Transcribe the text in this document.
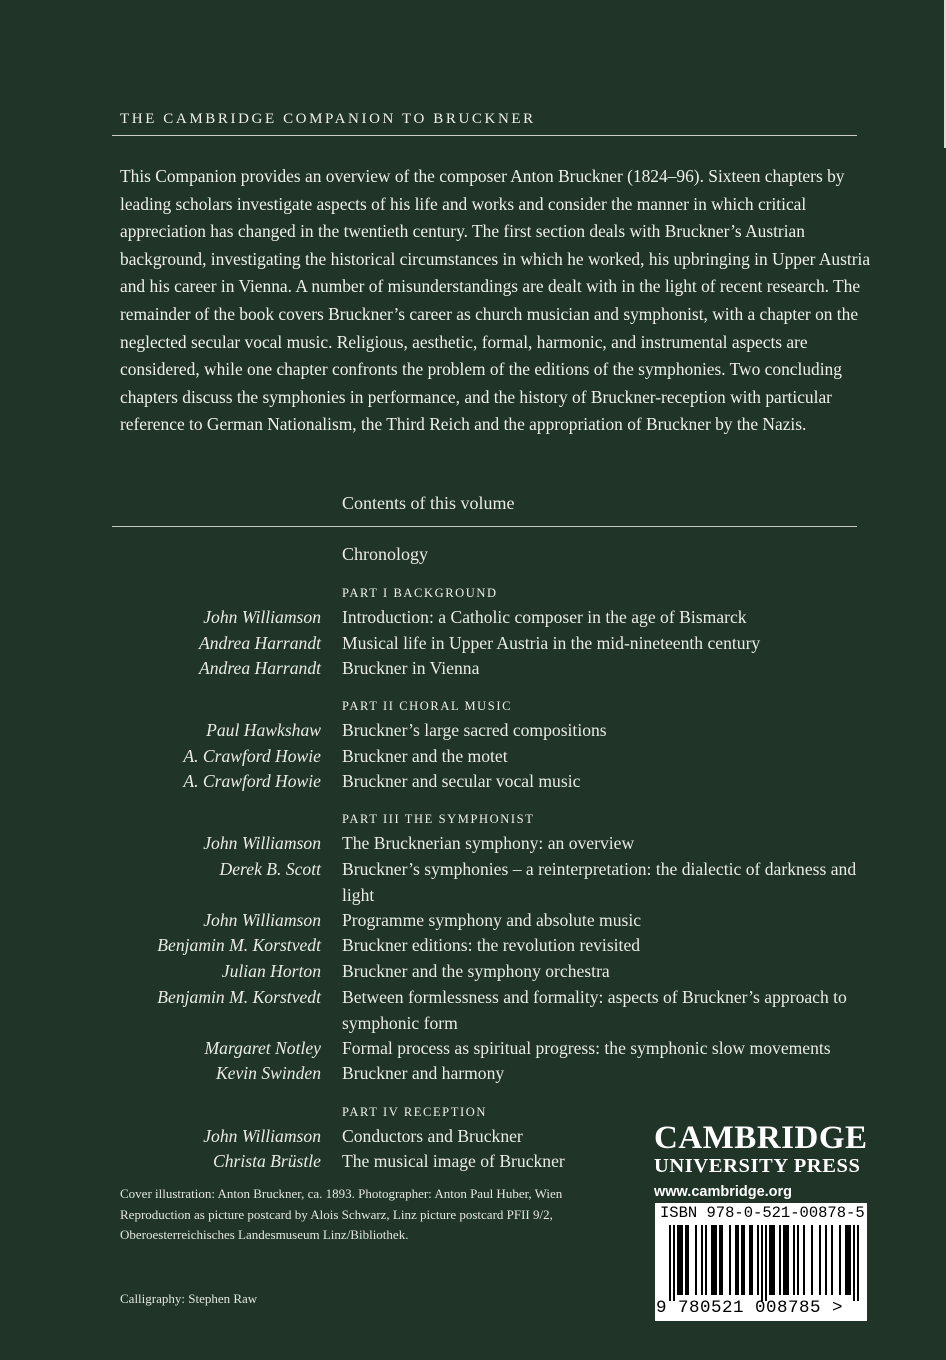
THE CAMBRIDGE COMPANION TO BRUCKNER

This Companion provides an overview of the composer Anton Bruckner (1824–96). Sixteen chapters by leading scholars investigate aspects of his life and works and consider the manner in which critical appreciation has changed in the twentieth century. The first section deals with Bruckner’s Austrian background, investigating the historical circumstances in which he worked, his upbringing in Upper Austria and his career in Vienna. A number of misunderstandings are dealt with in the light of recent research. The remainder of the book covers Bruckner’s career as church musician and symphonist, with a chapter on the neglected secular vocal music. Religious, aesthetic, formal, harmonic, and instrumental aspects are considered, while one chapter confronts the problem of the editions of the symphonies. Two concluding chapters discuss the symphonies in performance, and the history of Bruckner-reception with particular reference to German Nationalism, the Third Reich and the appropriation of Bruckner by the Nazis.

Contents of this volume
Chronology
PART I BACKGROUND
John Williamson Introduction: a Catholic composer in the age of Bismarck
Andrea Harrandt Musical life in Upper Austria in the mid-nineteenth century
Andrea Harrandt Bruckner in Vienna
PART II CHORAL MUSIC
Paul Hawkshaw Bruckner’s large sacred compositions
A. Crawford Howie Bruckner and the motet
A. Crawford Howie Bruckner and secular vocal music
PART III THE SYMPHONIST
John Williamson The Brucknerian symphony: an overview
Derek B. Scott Bruckner’s symphonies – a reinterpretation: the dialectic of darkness and light
John Williamson Programme symphony and absolute music
Benjamin M. Korstvedt Bruckner editions: the revolution revisited
Julian Horton Bruckner and the symphony orchestra
Benjamin M. Korstvedt Between formlessness and formality: aspects of Bruckner’s approach to symphonic form
Margaret Notley Formal process as spiritual progress: the symphonic slow movements
Kevin Swinden Bruckner and harmony
PART IV RECEPTION
John Williamson Conductors and Bruckner
Christa Brüstle The musical image of Bruckner

Cover illustration: Anton Bruckner, ca. 1893. Photographer: Anton Paul Huber, Wien Reproduction as picture postcard by Alois Schwarz, Linz picture postcard PFII 9/2, Oberoesterreichisches Landesmuseum Linz/Bibliothek.

Calligraphy: Stephen Raw
CAMBRIDGE
UNIVERSITY PRESS
www.cambridge.org
ISBN 978-0-521-00878-5
9 780521 008785 >
